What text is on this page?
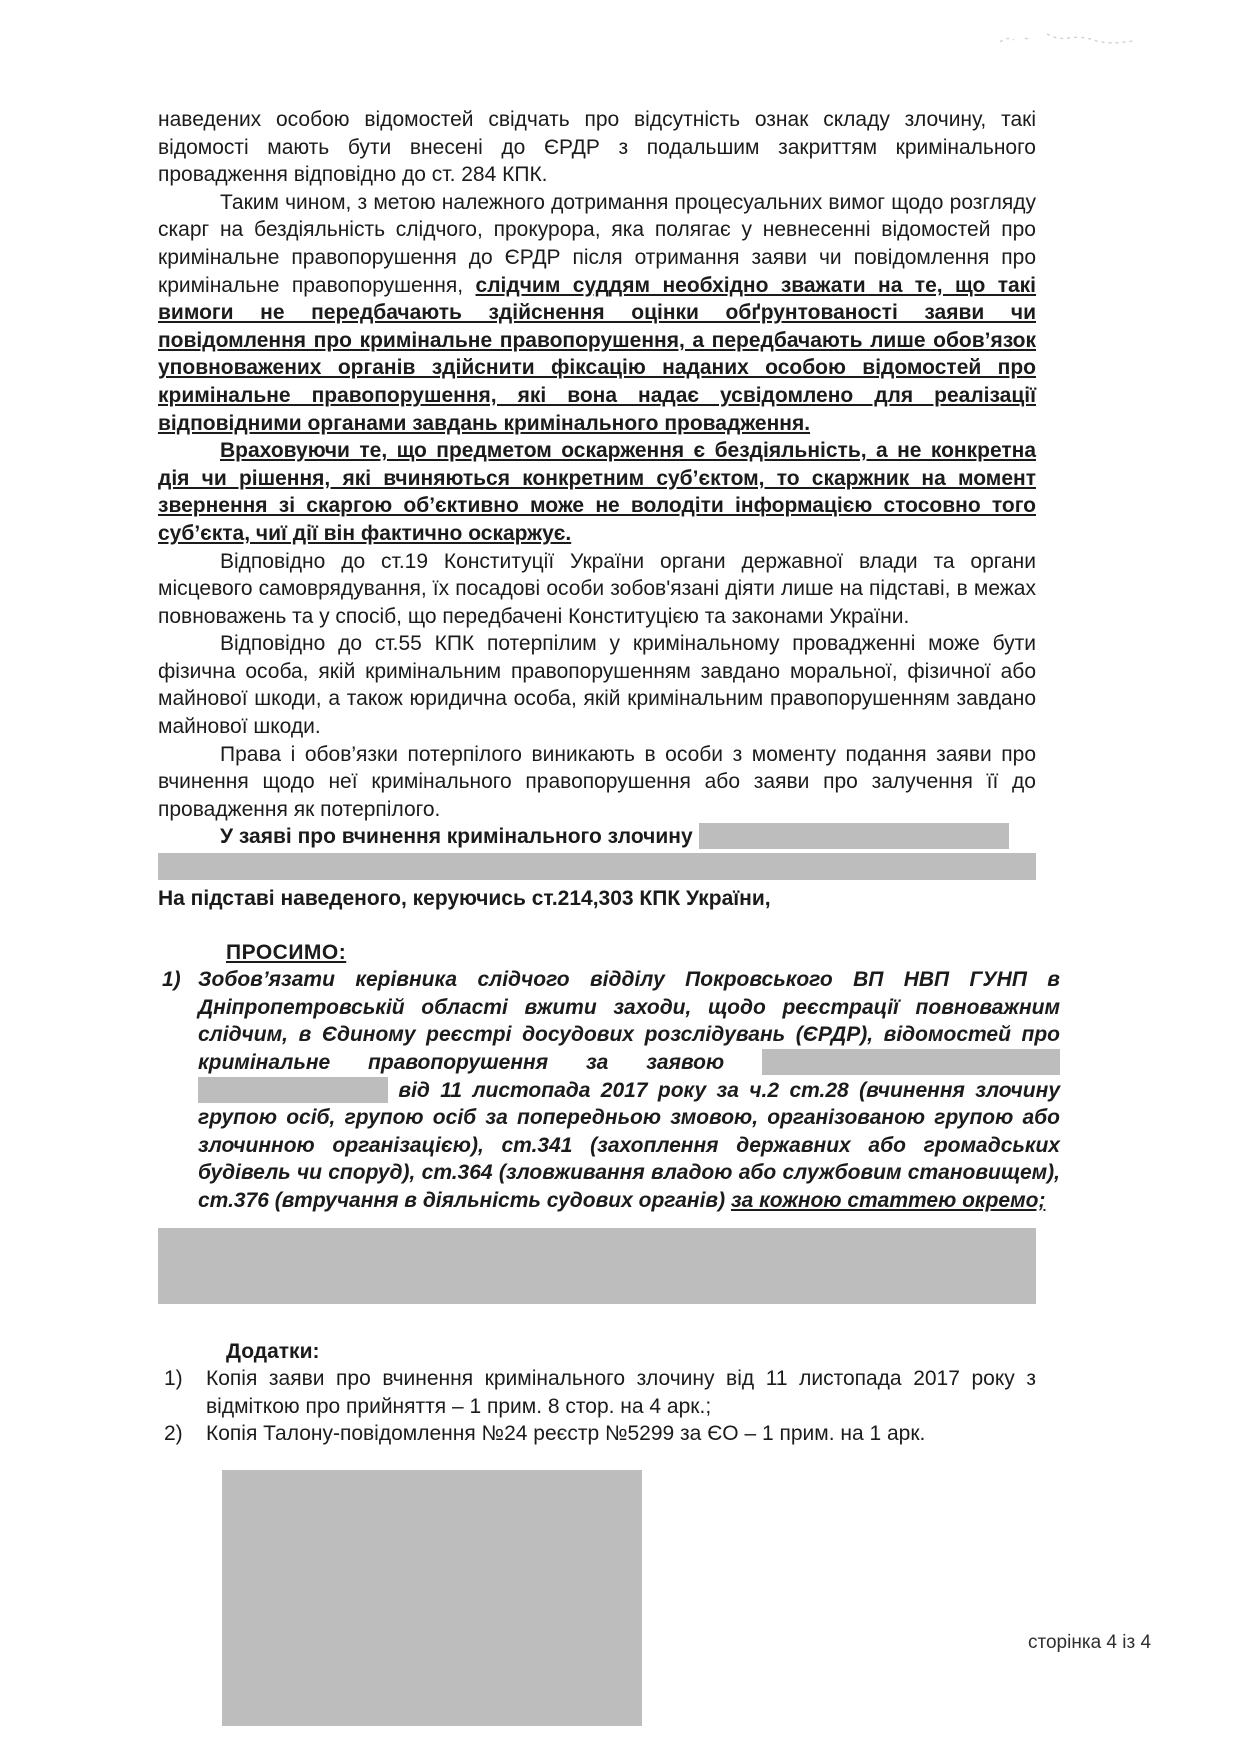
наведених особою відомостей свідчать про відсутність ознак складу злочину, такі відомості мають бути внесені до ЄРДР з подальшим закриттям кримінального провадження відповідно до ст. 284 КПК.

Таким чином, з метою належного дотримання процесуальних вимог щодо розгляду скарг на бездіяльність слідчого, прокурора, яка полягає у невнесенні відомостей про кримінальне правопорушення до ЄРДР після отримання заяви чи повідомлення про кримінальне правопорушення, слідчим суддям необхідно зважати на те, що такі вимоги не передбачають здійснення оцінки обґрунтованості заяви чи повідомлення про кримінальне правопорушення, а передбачають лише обов’язок уповноважених органів здійснити фіксацію наданих особою відомостей про кримінальне правопорушення, які вона надає усвідомлено для реалізації відповідними органами завдань кримінального провадження.

Враховуючи те, що предметом оскарження є бездіяльність, а не конкретна дія чи рішення, які вчиняються конкретним суб’єктом, то скаржник на момент звернення зі скаргою об’єктивно може не володіти інформацією стосовно того суб’єкта, чиї дії він фактично оскаржує.

Відповідно до ст.19 Конституції України органи державної влади та органи місцевого самоврядування, їх посадові особи зобов'язані діяти лише на підставі, в межах повноважень та у спосіб, що передбачені Конституцією та законами України.

Відповідно до ст.55 КПК потерпілим у кримінальному провадженні може бути фізична особа, якій кримінальним правопорушенням завдано моральної, фізичної або майнової шкоди, а також юридична особа, якій кримінальним правопорушенням завдано майнової шкоди.

Права і обов’язки потерпілого виникають в особи з моменту подання заяви про вчинення щодо неї кримінального правопорушення або заяви про залучення її до провадження як потерпілого.

У заяві про вчинення кримінального злочину

На підставі наведеного, керуючись ст.214,303 КПК України,

ПРОСИМО:

1) Зобов’язати керівника слідчого відділу Покровського ВП НВП ГУНП в Дніпропетровській області вжити заходи, щодо реєстрації повноважним слідчим, в Єдиному реєстрі досудових розслідувань (ЄРДР), відомостей про кримінальне правопорушення за заявою   від 11 листопада 2017 року за ч.2 ст.28 (вчинення злочину групою осіб, групою осіб за попередньою змовою, організованою групою або злочинною організацією), ст.341 (захоплення державних або громадських будівель чи споруд), ст.364 (зловживання владою або службовим становищем), ст.376 (втручання в діяльність судових органів) за кожною статтею окремо;

Додатки:

1)	Копія заяви про вчинення кримінального злочину від 11 листопада 2017 року з відміткою про прийняття – 1 прим. 8 стор. на 4 арк.;
2)	Копія Талону-повідомлення №24 реєстр №5299 за ЄО – 1 прим. на 1 арк.
сторінка 4 із 4
